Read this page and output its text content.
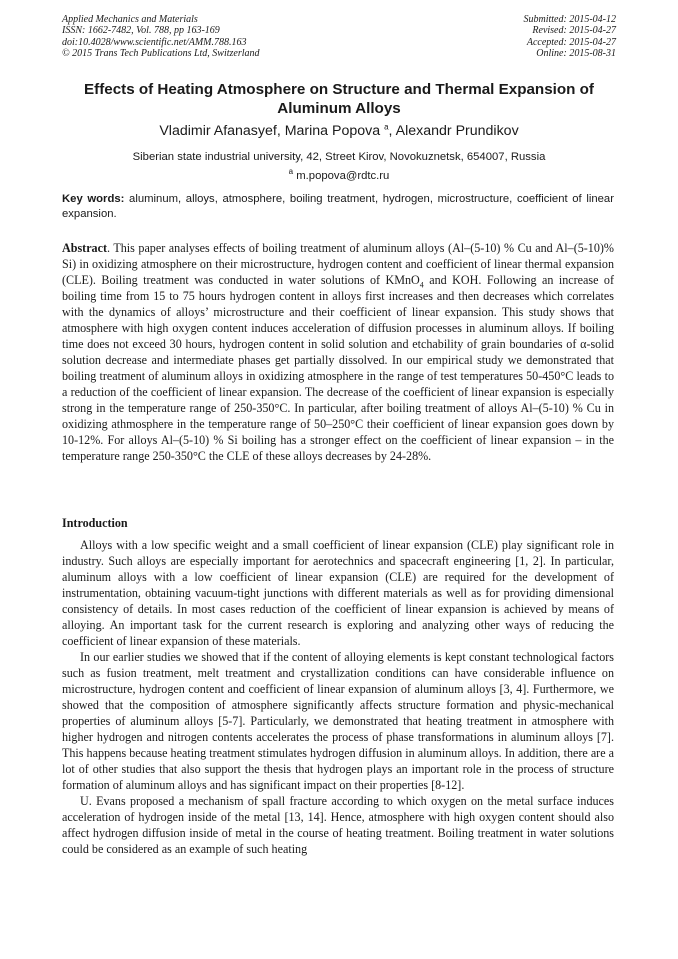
Applied Mechanics and Materials
ISSN: 1662-7482, Vol. 788, pp 163-169
doi:10.4028/www.scientific.net/AMM.788.163
© 2015 Trans Tech Publications Ltd, Switzerland
Submitted: 2015-04-12
Revised: 2015-04-27
Accepted: 2015-04-27
Online: 2015-08-31
Effects of Heating Atmosphere on Structure and Thermal Expansion of Aluminum Alloys
Vladimir Afanasyef, Marina Popova $^a$, Alexandr Prundikov
Siberian state industrial university, 42, Street Kirov, Novokuznetsk, 654007, Russia
$^a$ m.popova@rdtc.ru
Key words: aluminum, alloys, atmosphere, boiling treatment, hydrogen, microstructure, coefficient of linear expansion.
Abstract. This paper analyses effects of boiling treatment of aluminum alloys (Al–(5-10) % Cu and Al–(5-10)% Si) in oxidizing atmosphere on their microstructure, hydrogen content and coefficient of linear thermal expansion (CLE). Boiling treatment was conducted in water solutions of KMnO$_4$ and KOH. Following an increase of boiling time from 15 to 75 hours hydrogen content in alloys first increases and then decreases which correlates with the dynamics of alloys’ microstructure and their coefficient of linear expansion. This study shows that atmosphere with high oxygen content induces acceleration of diffusion processes in aluminum alloys. If boiling time does not exceed 30 hours, hydrogen content in solid solution and etchability of grain boundaries of α-solid solution decrease and intermediate phases get partially dissolved. In our empirical study we demonstrated that boiling treatment of aluminum alloys in oxidizing atmosphere in the range of test temperatures 50-450°C leads to a reduction of the coefficient of linear expansion. The decrease of the coefficient of linear expansion is especially strong in the temperature range of 250-350°C. In particular, after boiling treatment of alloys Al–(5-10) % Cu in oxidizing athmosphere in the temperature range of 50–250°C their coefficient of linear expansion goes down by 10-12%. For alloys Al–(5-10) % Si boiling has a stronger effect on the coefficient of linear expansion – in the temperature range 250-350°C the CLE of these alloys decreases by 24-28%.
Introduction

Alloys with a low specific weight and a small coefficient of linear expansion (CLE) play significant role in industry. Such alloys are especially important for aerotechnics and spacecraft engineering [1, 2]. In particular, aluminum alloys with a low coefficient of linear expansion (CLE) are required for the development of instrumentation, obtaining vacuum-tight junctions with different materials as well as for providing dimensional consistency of details. In most cases reduction of the coefficient of linear expansion is achieved by means of alloying. An important task for the current research is exploring and analyzing other ways of reducing the coefficient of linear expansion of these materials.

In our earlier studies we showed that if the content of alloying elements is kept constant technological factors such as fusion treatment, melt treatment and crystallization conditions can have considerable influence on microstructure, hydrogen content and coefficient of linear expansion of aluminum alloys [3, 4]. Furthermore, we showed that the composition of atmosphere significantly affects structure formation and physic-mechanical properties of aluminum alloys [5-7]. Particularly, we demonstrated that heating treatment in atmosphere with higher hydrogen and nitrogen contents accelerates the process of phase transformations in aluminum alloys [7]. This happens because heating treatment stimulates hydrogen diffusion in aluminum alloys. In addition, there are a lot of other studies that also support the thesis that hydrogen plays an important role in the process of structure formation of aluminum alloys and has significant impact on their properties [8-12].

U. Evans proposed a mechanism of spall fracture according to which oxygen on the metal surface induces acceleration of hydrogen inside of the metal [13, 14]. Hence, atmosphere with high oxygen content should also affect hydrogen diffusion inside of metal in the course of heating treatment. Boiling treatment in water solutions could be considered as an example of such heating
